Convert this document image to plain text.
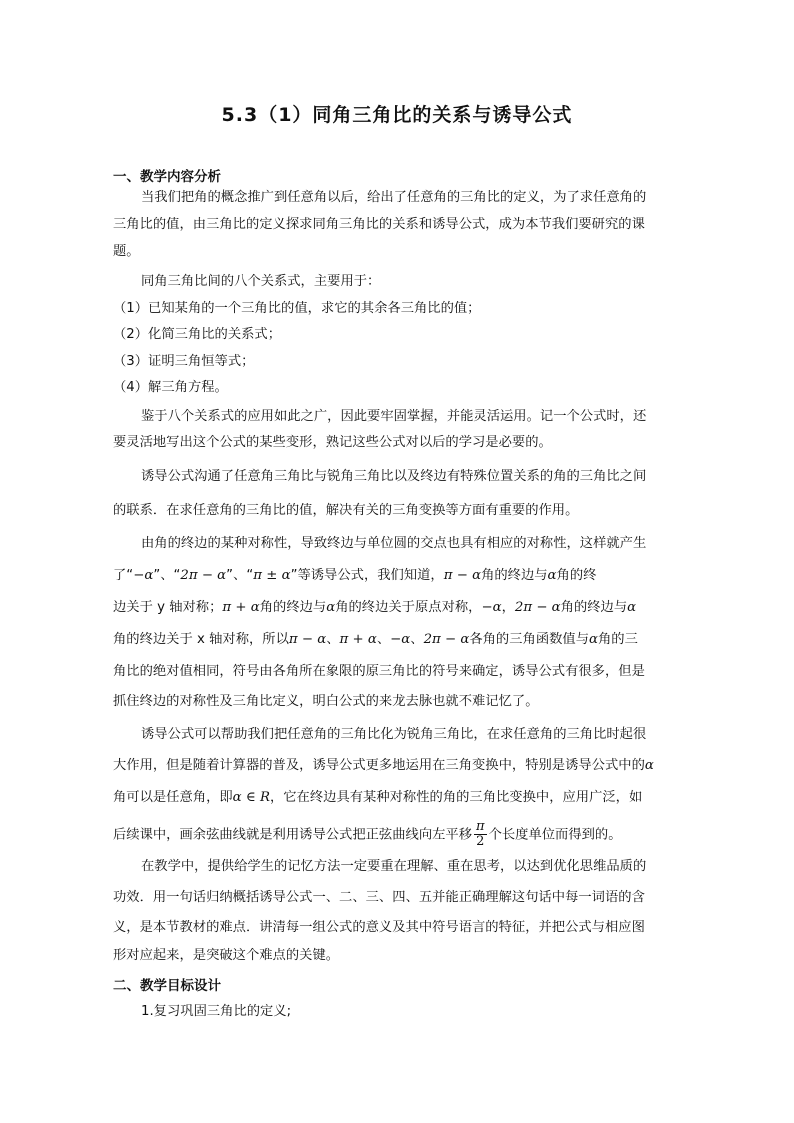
5.3（1）同角三角比的关系与诱导公式
一、教学内容分析
当我们把角的概念推广到任意角以后，给出了任意角的三角比的定义，为了求任意角的
三角比的值，由三角比的定义探求同角三角比的关系和诱导公式，成为本节我们要研究的课
题。
同角三角比间的八个关系式，主要用于：
（1）已知某角的一个三角比的值，求它的其余各三角比的值；
（2）化简三角比的关系式；
（3）证明三角恒等式；
（4）解三角方程。
鉴于八个关系式的应用如此之广，因此要牢固掌握，并能灵活运用。记一个公式时，还
要灵活地写出这个公式的某些变形，熟记这些公式对以后的学习是必要的。
诱导公式沟通了任意角三角比与锐角三角比以及终边有特殊位置关系的角的三角比之间
的联系．在求任意角的三角比的值，解决有关的三角变换等方面有重要的作用。
由角的终边的某种对称性，导致终边与单位圆的交点也具有相应的对称性，这样就产生
了“−α”、“2π − α”、“π ± α”等诱导公式，我们知道，π − α角的终边与α角的终
边关于 y 轴对称；π + α角的终边与α角的终边关于原点对称，−α，2π − α角的终边与α
角的终边关于 x 轴对称，所以π − α、π + α、−α、2π − α各角的三角函数值与α角的三
角比的绝对值相同，符号由各角所在象限的原三角比的符号来确定，诱导公式有很多，但是
抓住终边的对称性及三角比定义，明白公式的来龙去脉也就不难记忆了。
诱导公式可以帮助我们把任意角的三角比化为锐角三角比，在求任意角的三角比时起很
大作用，但是随着计算器的普及，诱导公式更多地运用在三角变换中，特别是诱导公式中的α
角可以是任意角，即α ∈ R，它在终边具有某种对称性的角的三角比变换中，应用广泛，如
后续课中，画余弦曲线就是利用诱导公式把正弦曲线向左平移 $\frac{\pi}{2}$ 个长度单位而得到的。
在教学中，提供给学生的记忆方法一定要重在理解、重在思考，以达到优化思维品质的
功效．用一句话归纳概括诱导公式一、二、三、四、五并能正确理解这句话中每一词语的含
义，是本节教材的难点．讲清每一组公式的意义及其中符号语言的特征，并把公式与相应图
形对应起来，是突破这个难点的关键。
二、教学目标设计
1.复习巩固三角比的定义;
